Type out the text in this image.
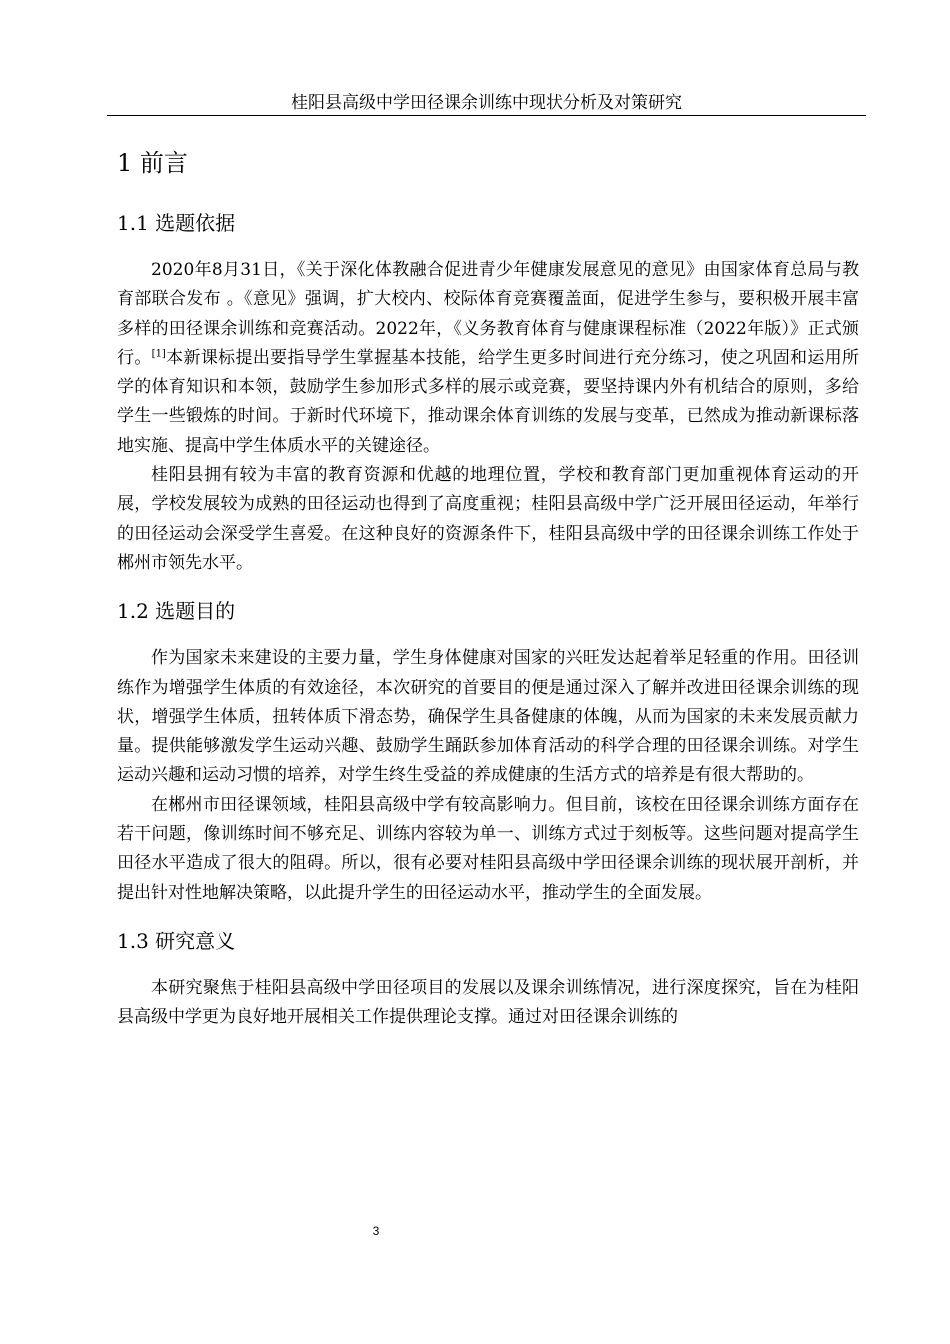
桂阳县高级中学田径课余训练中现状分析及对策研究
1 前言
1.1 选题依据

2020年8月31日，《关于深化体教融合促进青少年健康发展意见的意见》由国家体育总局与教育部联合发布 。《意见》强调，扩大校内、校际体育竞赛覆盖面，促进学生参与，要积极开展丰富多样的田径课余训练和竞赛活动。2022年，《义务教育体育与健康课程标准（2022年版）》正式颁行。[1]本新课标提出要指导学生掌握基本技能，给学生更多时间进行充分练习，使之巩固和运用所学的体育知识和本领，鼓励学生参加形式多样的展示或竞赛，要坚持课内外有机结合的原则，多给学生一些锻炼的时间。于新时代环境下，推动课余体育训练的发展与变革，已然成为推动新课标落地实施、提高中学生体质水平的关键途径。

桂阳县拥有较为丰富的教育资源和优越的地理位置，学校和教育部门更加重视体育运动的开展，学校发展较为成熟的田径运动也得到了高度重视；桂阳县高级中学广泛开展田径运动，年举行的田径运动会深受学生喜爱。在这种良好的资源条件下，桂阳县高级中学的田径课余训练工作处于郴州市领先水平。

1.2 选题目的

作为国家未来建设的主要力量，学生身体健康对国家的兴旺发达起着举足轻重的作用。田径训练作为增强学生体质的有效途径，本次研究的首要目的便是通过深入了解并改进田径课余训练的现状，增强学生体质，扭转体质下滑态势，确保学生具备健康的体魄，从而为国家的未来发展贡献力量。提供能够激发学生运动兴趣、鼓励学生踊跃参加体育活动的科学合理的田径课余训练。对学生运动兴趣和运动习惯的培养，对学生终生受益的养成健康的生活方式的培养是有很大帮助的。

在郴州市田径课领域，桂阳县高级中学有较高影响力。但目前，该校在田径课余训练方面存在若干问题，像训练时间不够充足、训练内容较为单一、训练方式过于刻板等。这些问题对提高学生田径水平造成了很大的阻碍。所以，很有必要对桂阳县高级中学田径课余训练的现状展开剖析，并提出针对性地解决策略，以此提升学生的田径运动水平，推动学生的全面发展。

1.3 研究意义

本研究聚焦于桂阳县高级中学田径项目的发展以及课余训练情况，进行深度探究，旨在为桂阳县高级中学更为良好地开展相关工作提供理论支撑。通过对田径课余训练的

3
